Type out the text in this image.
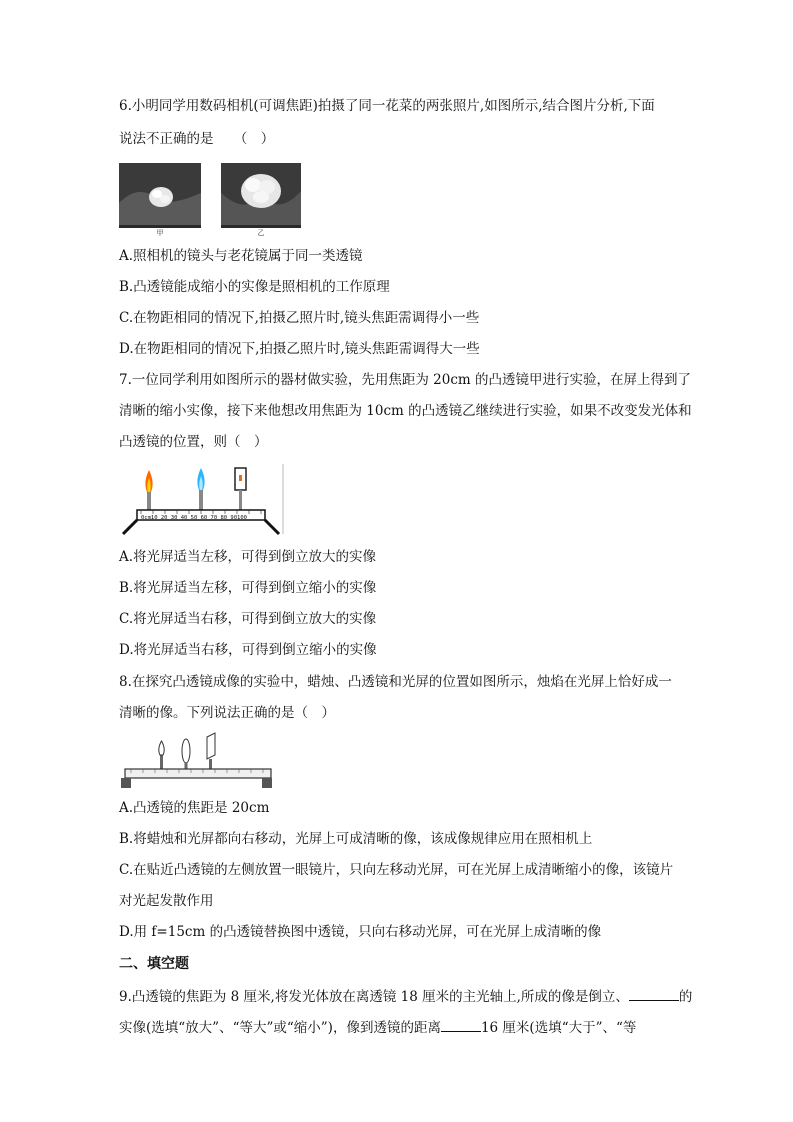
6.小明同学用数码相机(可调焦距)拍摄了同一花菜的两张照片,如图所示,结合图片分析,下面
说法不正确的是　　（　）
甲	乙
A.照相机的镜头与老花镜属于同一类透镜
B.凸透镜能成缩小的实像是照相机的工作原理
C.在物距相同的情况下,拍摄乙照片时,镜头焦距需调得小一些
D.在物距相同的情况下,拍摄乙照片时,镜头焦距需调得大一些
7.一位同学利用如图所示的器材做实验，先用焦距为 20cm 的凸透镜甲进行实验，在屏上得到了
清晰的缩小实像，接下来他想改用焦距为 10cm 的凸透镜乙继续进行实验，如果不改变发光体和
凸透镜的位置，则（　）
0cm10 20 30 40 50 60 70 80 90100
A.将光屏适当左移，可得到倒立放大的实像
B.将光屏适当左移，可得到倒立缩小的实像
C.将光屏适当右移，可得到倒立放大的实像
D.将光屏适当右移，可得到倒立缩小的实像
8.在探究凸透镜成像的实验中，蜡烛、凸透镜和光屏的位置如图所示，烛焰在光屏上恰好成一
清晰的像。下列说法正确的是（　）
A.凸透镜的焦距是 20cm
B.将蜡烛和光屏都向右移动，光屏上可成清晰的像，该成像规律应用在照相机上
C.在贴近凸透镜的左侧放置一眼镜片，只向左移动光屏，可在光屏上成清晰缩小的像，该镜片
对光起发散作用
D.用 f=15cm 的凸透镜替换图中透镜，只向右移动光屏，可在光屏上成清晰的像
二、填空题
9.凸透镜的焦距为 8 厘米,将发光体放在离透镜 18 厘米的主光轴上,所成的像是倒立、	的
实像(选填“放大”、“等大”或“缩小”)，像到透镜的距离	16 厘米(选填“大于”、“等
